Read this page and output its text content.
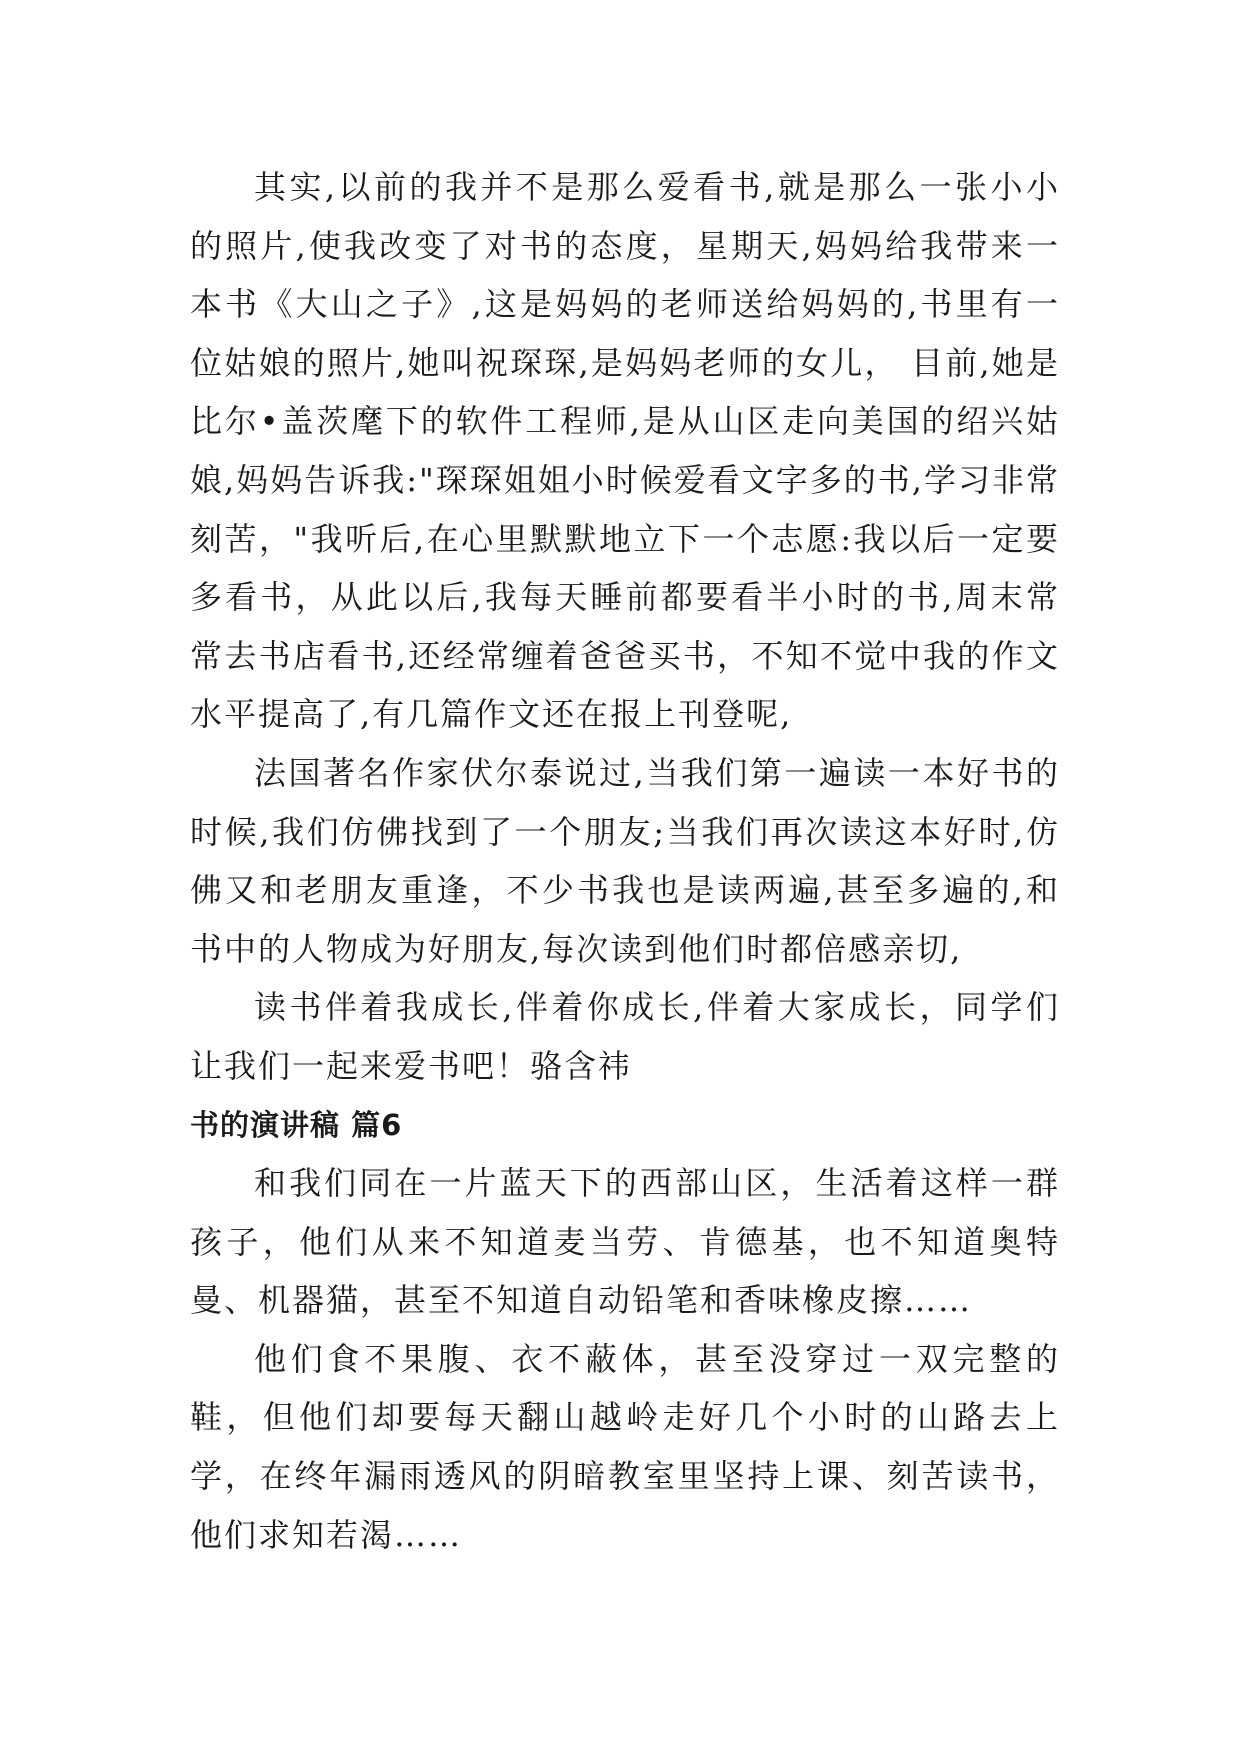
其实,以前的我并不是那么爱看书,就是那么一张小小的照片,使我改变了对书的态度，星期天,妈妈给我带来一本书《大山之子》,这是妈妈的老师送给妈妈的,书里有一位姑娘的照片,她叫祝琛琛,是妈妈老师的女儿， 目前,她是比尔•盖茨麾下的软件工程师,是从山区走向美国的绍兴姑娘,妈妈告诉我:"琛琛姐姐小时候爱看文字多的书,学习非常刻苦，"我听后,在心里默默地立下一个志愿:我以后一定要多看书，从此以后,我每天睡前都要看半小时的书,周末常常去书店看书,还经常缠着爸爸买书，不知不觉中我的作文水平提高了,有几篇作文还在报上刊登呢,

法国著名作家伏尔泰说过,当我们第一遍读一本好书的时候,我们仿佛找到了一个朋友;当我们再次读这本好时,仿佛又和老朋友重逢，不少书我也是读两遍,甚至多遍的,和书中的人物成为好朋友,每次读到他们时都倍感亲切,

读书伴着我成长,伴着你成长,伴着大家成长，同学们让我们一起来爱书吧！骆含祎

书的演讲稿 篇6

和我们同在一片蓝天下的西部山区，生活着这样一群孩子，他们从来不知道麦当劳、肯德基，也不知道奥特曼、机器猫，甚至不知道自动铅笔和香味橡皮擦……

他们食不果腹、衣不蔽体，甚至没穿过一双完整的鞋，但他们却要每天翻山越岭走好几个小时的山路去上学，在终年漏雨透风的阴暗教室里坚持上课、刻苦读书，他们求知若渴……
